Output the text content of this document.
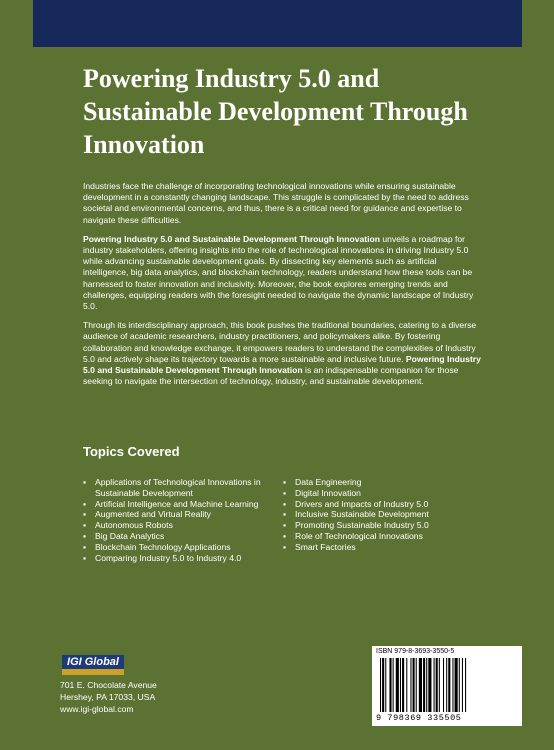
Powering Industry 5.0 and
Sustainable Development Through
Innovation

Industries face the challenge of incorporating technological innovations while ensuring sustainable development in a constantly changing landscape. This struggle is complicated by the need to address societal and environmental concerns, and thus, there is a critical need for guidance and expertise to navigate these difficulties.

Powering Industry 5.0 and Sustainable Development Through Innovation unveils a roadmap for industry stakeholders, offering insights into the role of technological innovations in driving Industry 5.0 while advancing sustainable development goals. By dissecting key elements such as artificial intelligence, big data analytics, and blockchain technology, readers understand how these tools can be harnessed to foster innovation and inclusivity. Moreover, the book explores emerging trends and challenges, equipping readers with the foresight needed to navigate the dynamic landscape of Industry 5.0.

Through its interdisciplinary approach, this book pushes the traditional boundaries, catering to a diverse audience of academic researchers, industry practitioners, and policymakers alike. By fostering collaboration and knowledge exchange, it empowers readers to understand the complexities of Industry 5.0 and actively shape its trajectory towards a more sustainable and inclusive future. Powering Industry 5.0 and Sustainable Development Through Innovation is an indispensable companion for those seeking to navigate the intersection of technology, industry, and sustainable development.

Topics Covered
▪ Applications of Technological Innovations in Sustainable Development
▪ Artificial Intelligence and Machine Learning
▪ Augmented and Virtual Reality
▪ Autonomous Robots
▪ Big Data Analytics
▪ Blockchain Technology Applications
▪ Comparing Industry 5.0 to Industry 4.0
▪ Data Engineering
▪ Digital Innovation
▪ Drivers and Impacts of Industry 5.0
▪ Inclusive Sustainable Development
▪ Promoting Sustainable Industry 5.0
▪ Role of Technological Innovations
▪ Smart Factories
IGI Global
701 E. Chocolate Avenue
Hershey, PA 17033, USA
www.igi-global.com
ISBN 979-8-3693-3550-5
9 798369 335505
